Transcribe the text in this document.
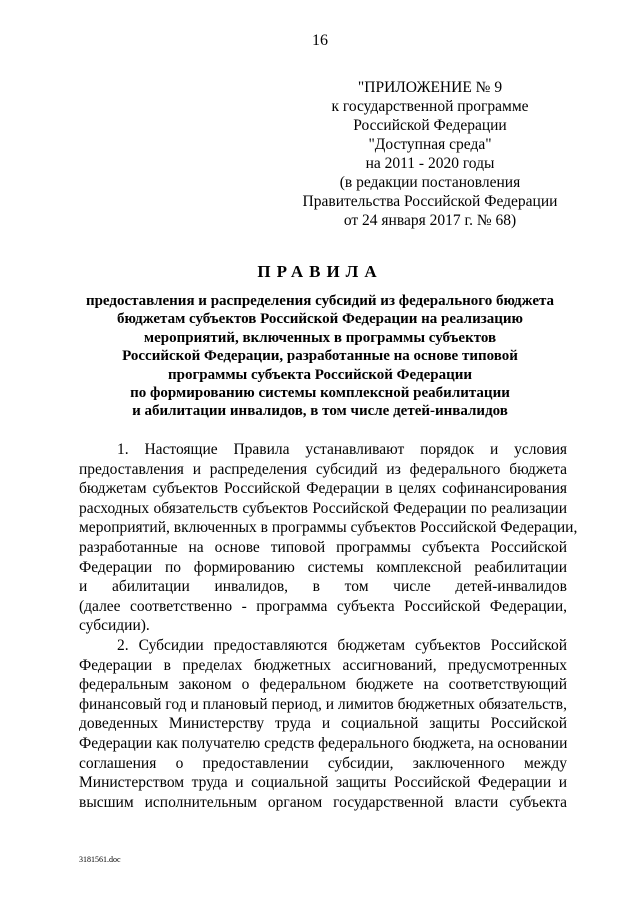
16
"ПРИЛОЖЕНИЕ № 9
к государственной программе
Российской Федерации
"Доступная среда"
на 2011 - 2020 годы
(в редакции постановления
Правительства Российской Федерации
от 24 января 2017 г. № 68)
ПРАВИЛА
предоставления и распределения субсидий из федерального бюджета
бюджетам субъектов Российской Федерации на реализацию
мероприятий, включенных в программы субъектов
Российской Федерации, разработанные на основе типовой
программы субъекта Российской Федерации
по формированию системы комплексной реабилитации
и абилитации инвалидов, в том числе детей-инвалидов
1. Настоящие Правила устанавливают порядок и условия
предоставления и распределения субсидий из федерального бюджета
бюджетам субъектов Российской Федерации в целях софинансирования
расходных обязательств субъектов Российской Федерации по реализации
мероприятий, включенных в программы субъектов Российской Федерации,
разработанные на основе типовой программы субъекта Российской
Федерации по формированию системы комплексной реабилитации
и абилитации инвалидов, в том числе детей-инвалидов
(далее соответственно - программа субъекта Российской Федерации,
субсидии).
2. Субсидии предоставляются бюджетам субъектов Российской
Федерации в пределах бюджетных ассигнований, предусмотренных
федеральным законом о федеральном бюджете на соответствующий
финансовый год и плановый период, и лимитов бюджетных обязательств,
доведенных Министерству труда и социальной защиты Российской
Федерации как получателю средств федерального бюджета, на основании
соглашения о предоставлении субсидии, заключенного между
Министерством труда и социальной защиты Российской Федерации и
высшим исполнительным органом государственной власти субъекта
3181561.doc
